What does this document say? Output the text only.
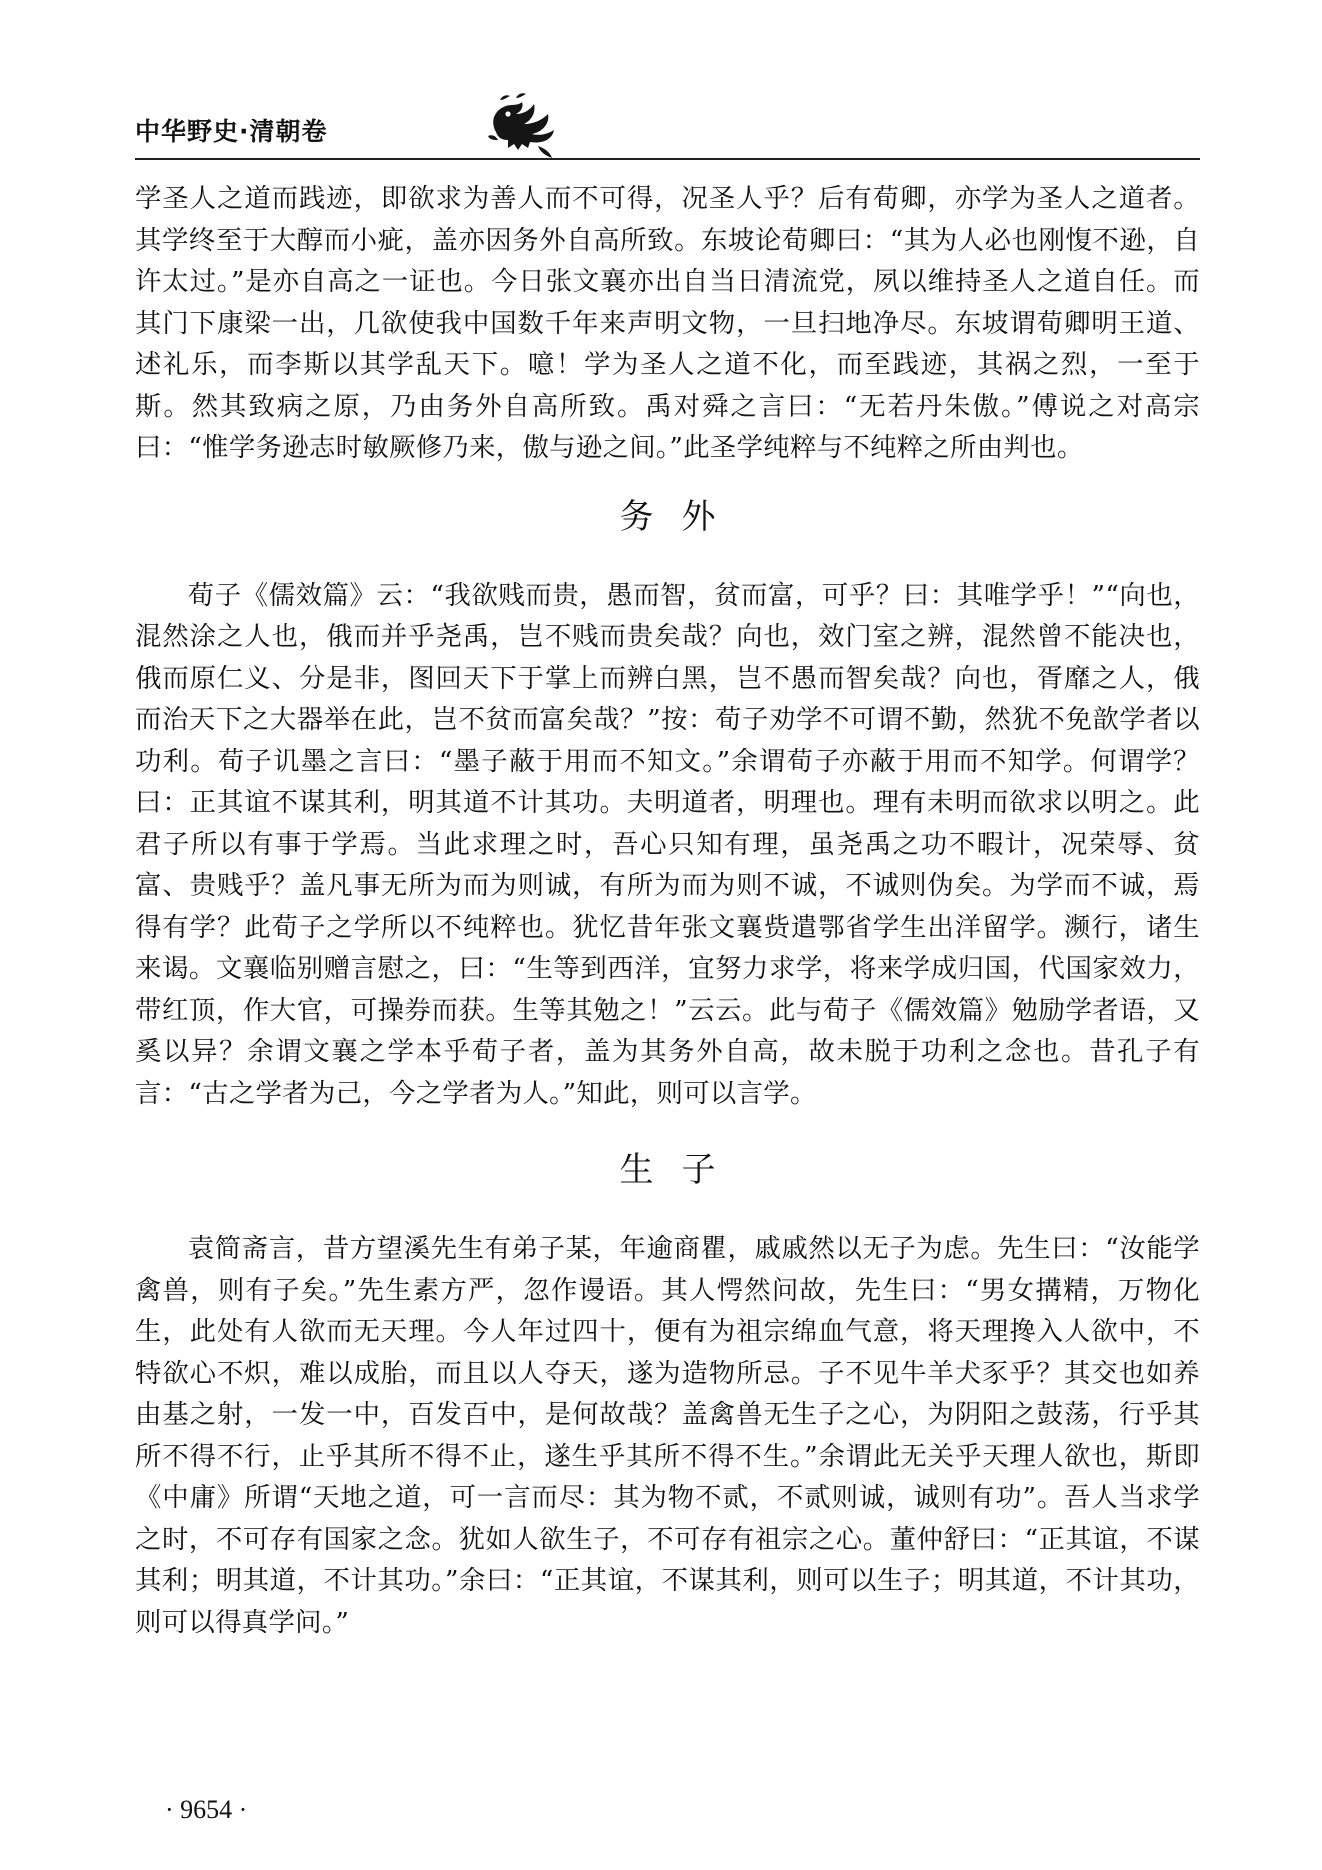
中华野史·清朝卷

学圣人之道而践迹，即欲求为善人而不可得，况圣人乎？后有荀卿，亦学为圣人之道者。其学终至于大醇而小疵，盖亦因务外自高所致。东坡论荀卿曰：“其为人必也刚愎不逊，自许太过。”是亦自高之一证也。今日张文襄亦出自当日清流党，夙以维持圣人之道自任。而其门下康梁一出，几欲使我中国数千年来声明文物，一旦扫地净尽。东坡谓荀卿明王道、述礼乐，而李斯以其学乱天下。噫！学为圣人之道不化，而至践迹，其祸之烈，一至于斯。然其致病之原，乃由务外自高所致。禹对舜之言曰：“无若丹朱傲。”傅说之对高宗曰：“惟学务逊志时敏厥修乃来，傲与逊之间。”此圣学纯粹与不纯粹之所由判也。

务外

荀子《儒效篇》云：“我欲贱而贵，愚而智，贫而富，可乎？曰：其唯学乎！”“向也，混然涂之人也，俄而并乎尧禹，岂不贱而贵矣哉？向也，效门室之辨，混然曾不能决也，俄而原仁义、分是非，图回天下于掌上而辨白黑，岂不愚而智矣哉？向也，胥靡之人，俄而治天下之大器举在此，岂不贫而富矣哉？”按：荀子劝学不可谓不勤，然犹不免歆学者以功利。荀子讥墨之言曰：“墨子蔽于用而不知文。”余谓荀子亦蔽于用而不知学。何谓学？曰：正其谊不谋其利，明其道不计其功。夫明道者，明理也。理有未明而欲求以明之。此君子所以有事于学焉。当此求理之时，吾心只知有理，虽尧禹之功不暇计，况荣辱、贫富、贵贱乎？盖凡事无所为而为则诚，有所为而为则不诚，不诚则伪矣。为学而不诚，焉得有学？此荀子之学所以不纯粹也。犹忆昔年张文襄赀遣鄂省学生出洋留学。濒行，诸生来谒。文襄临别赠言慰之，曰：“生等到西洋，宜努力求学，将来学成归国，代国家效力，带红顶，作大官，可操券而获。生等其勉之！”云云。此与荀子《儒效篇》勉励学者语，又奚以异？余谓文襄之学本乎荀子者，盖为其务外自高，故未脱于功利之念也。昔孔子有言：“古之学者为己，今之学者为人。”知此，则可以言学。

生子

袁简斋言，昔方望溪先生有弟子某，年逾商瞿，戚戚然以无子为虑。先生曰：“汝能学禽兽，则有子矣。”先生素方严，忽作谩语。其人愕然问故，先生曰：“男女搆精，万物化生，此处有人欲而无天理。今人年过四十，便有为祖宗绵血气意，将天理搀入人欲中，不特欲心不炽，难以成胎，而且以人夺天，遂为造物所忌。子不见牛羊犬豕乎？其交也如养由基之射，一发一中，百发百中，是何故哉？盖禽兽无生子之心，为阴阳之鼓荡，行乎其所不得不行，止乎其所不得不止，遂生乎其所不得不生。”余谓此无关乎天理人欲也，斯即《中庸》所谓“天地之道，可一言而尽：其为物不贰，不贰则诚，诚则有功”。吾人当求学之时，不可存有国家之念。犹如人欲生子，不可存有祖宗之心。董仲舒曰：“正其谊，不谋其利；明其道，不计其功。”余曰：“正其谊，不谋其利，则可以生子；明其道，不计其功，则可以得真学问。”

· 9654 ·
